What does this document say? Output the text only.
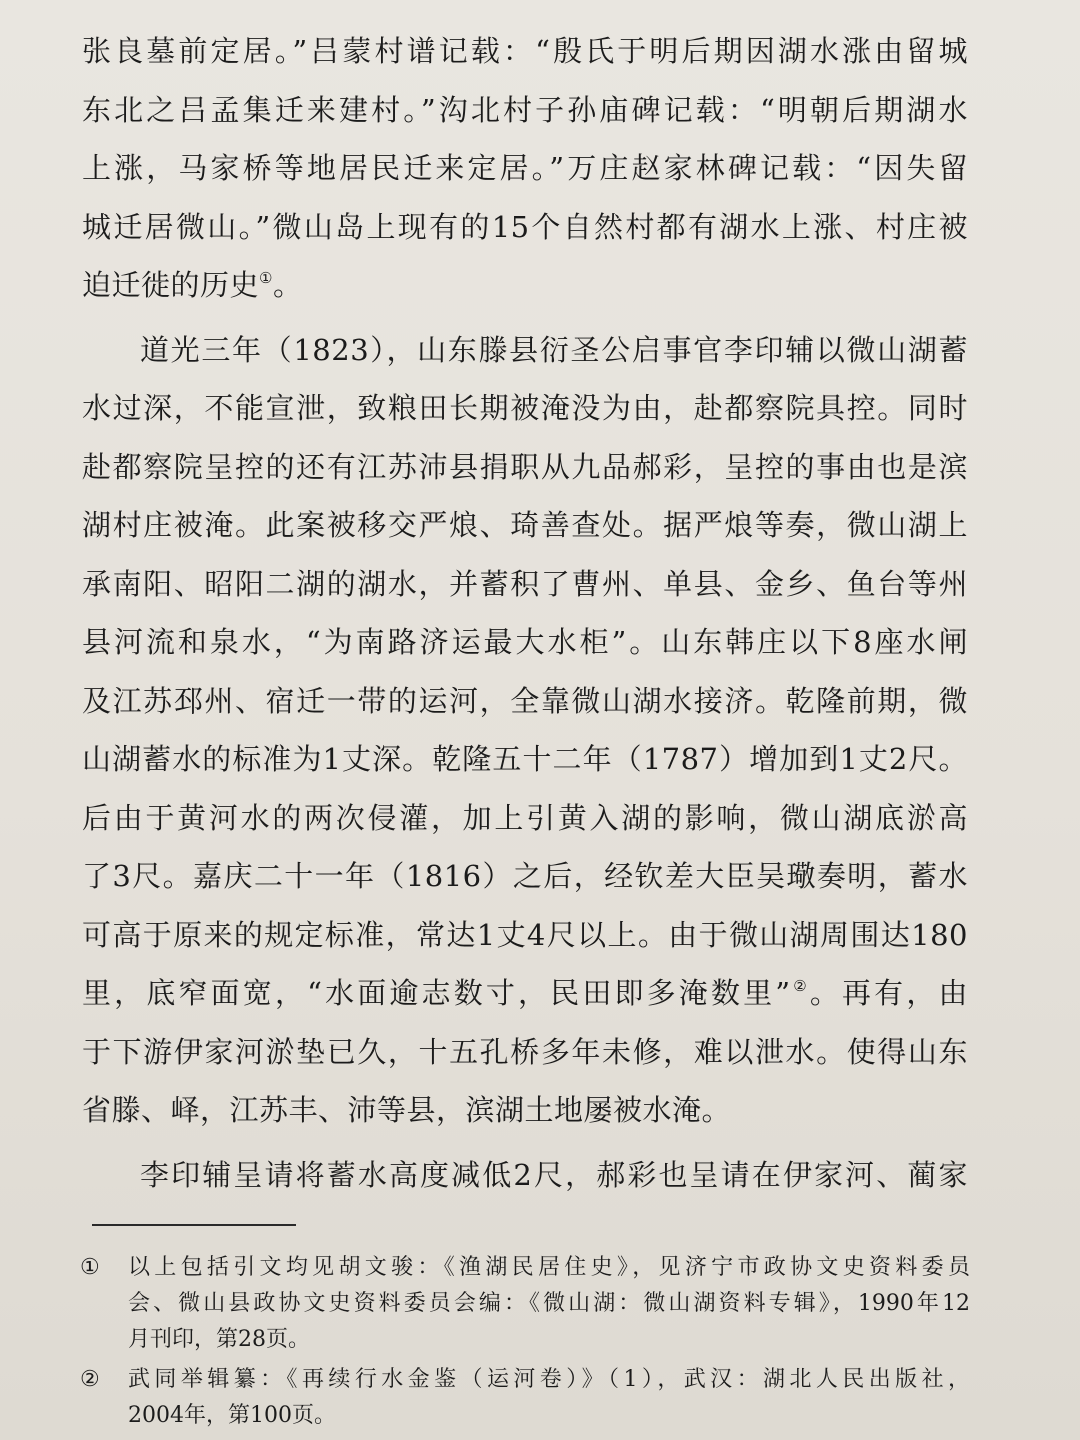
张良墓前定居。”吕蒙村谱记载：“殷氏于明后期因湖水涨由留城
东北之吕孟集迁来建村。”沟北村子孙庙碑记载：“明朝后期湖水
上涨，马家桥等地居民迁来定居。”万庄赵家林碑记载：“因失留
城迁居微山。”微山岛上现有的15个自然村都有湖水上涨、村庄被
迫迁徙的历史①。
道光三年（1823），山东滕县衍圣公启事官李印辅以微山湖蓄
水过深，不能宣泄，致粮田长期被淹没为由，赴都察院具控。同时
赴都察院呈控的还有江苏沛县捐职从九品郝彩，呈控的事由也是滨
湖村庄被淹。此案被移交严烺、琦善查处。据严烺等奏，微山湖上
承南阳、昭阳二湖的湖水，并蓄积了曹州、单县、金乡、鱼台等州
县河流和泉水，“为南路济运最大水柜”。山东韩庄以下8座水闸
及江苏邳州、宿迁一带的运河，全靠微山湖水接济。乾隆前期，微
山湖蓄水的标准为1丈深。乾隆五十二年（1787）增加到1丈2尺。
后由于黄河水的两次侵灌，加上引黄入湖的影响，微山湖底淤高
了3尺。嘉庆二十一年（1816）之后，经钦差大臣吴璥奏明，蓄水
可高于原来的规定标准，常达1丈4尺以上。由于微山湖周围达180
里，底窄面宽，“水面逾志数寸，民田即多淹数里”②。再有，由
于下游伊家河淤垫已久，十五孔桥多年未修，难以泄水。使得山东
省滕、峄，江苏丰、沛等县，滨湖土地屡被水淹。
李印辅呈请将蓄水高度减低2尺，郝彩也呈请在伊家河、蔺家
① 以上包括引文均见胡文骏：《渔湖民居住史》，见济宁市政协文史资料委员
会、微山县政协文史资料委员会编：《微山湖：微山湖资料专辑》，1990年12
月刊印，第28页。
② 武同举辑纂：《再续行水金鉴（运河卷）》（1），武汉：湖北人民出版社，
2004年，第100页。
